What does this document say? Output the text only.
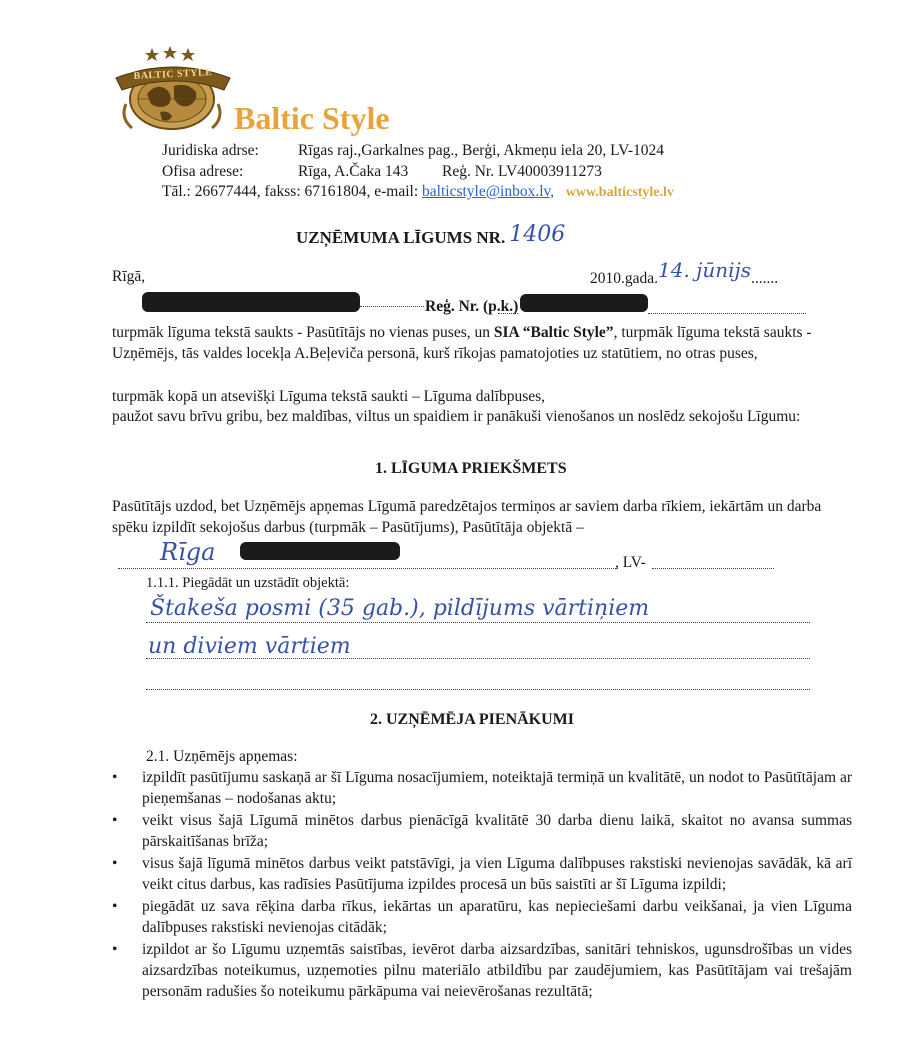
BALTIC STYLE
Baltic Style
Juridiska adrse:	Rīgas raj.,Garkalnes pag., Berģi, Akmeņu iela 20, LV-1024
Ofisa adrese:	Rīga, A.Čaka 143 Reģ. Nr. LV40003911273
Tāl.: 26677444, fakss: 67161804, e-mail: balticstyle@inbox.lv, www.balticstyle.lv
UZŅĒMUMA LĪGUMS NR. 1406
Rīgā,	2010.gada.14. jūnijs.......
Reģ. Nr. (p.k.)
turpmāk līguma tekstā saukts - Pasūtītājs no vienas puses, un SIA “Baltic Style”, turpmāk līguma tekstā saukts - Uzņēmējs, tās valdes locekļa A.Beļeviča personā, kurš rīkojas pamatojoties uz statūtiem, no otras puses,
turpmāk kopā un atsevišķi Līguma tekstā saukti – Līguma dalībpuses,
paužot savu brīvu gribu, bez maldības, viltus un spaidiem ir panākuši vienošanos un noslēdz sekojošu Līgumu:
1. LĪGUMA PRIEKŠMETS
Pasūtītājs uzdod, bet Uzņēmējs apņemas Līgumā paredzētajos termiņos ar saviem darba rīkiem, iekārtām un darba spēku izpildīt sekojošus darbus (turpmāk – Pasūtījums), Pasūtītāja objektā –
Rīga	, LV-
1.1.1. Piegādāt un uzstādīt objektā:
Štakeša posmi (35 gab.), pildījums vārtiņiem
un diviem vārtiem
2. UZŅĒMĒJA PIENĀKUMI
2.1. Uzņēmējs apņemas:
• izpildīt pasūtījumu saskaņā ar šī Līguma nosacījumiem, noteiktajā termiņā un kvalitātē, un nodot to Pasūtītājam ar pieņemšanas – nodošanas aktu;
• veikt visus šajā Līgumā minētos darbus pienācīgā kvalitātē 30 darba dienu laikā, skaitot no avansa summas pārskaitīšanas brīža;
• visus šajā līgumā minētos darbus veikt patstāvīgi, ja vien Līguma dalībpuses rakstiski nevienojas savādāk, kā arī veikt citus darbus, kas radīsies Pasūtījuma izpildes procesā un būs saistīti ar šī Līguma izpildi;
• piegādāt uz sava rēķina darba rīkus, iekārtas un aparatūru, kas nepieciešami darbu veikšanai, ja vien Līguma dalībpuses rakstiski nevienojas citādāk;
• izpildot ar šo Līgumu uzņemtās saistības, ievērot darba aizsardzības, sanitāri tehniskos, ugunsdrošības un vides aizsardzības noteikumus, uzņemoties pilnu materiālo atbildību par zaudējumiem, kas Pasūtītājam vai trešajām personām radušies šo noteikumu pārkāpuma vai neievērošanas rezultātā;
